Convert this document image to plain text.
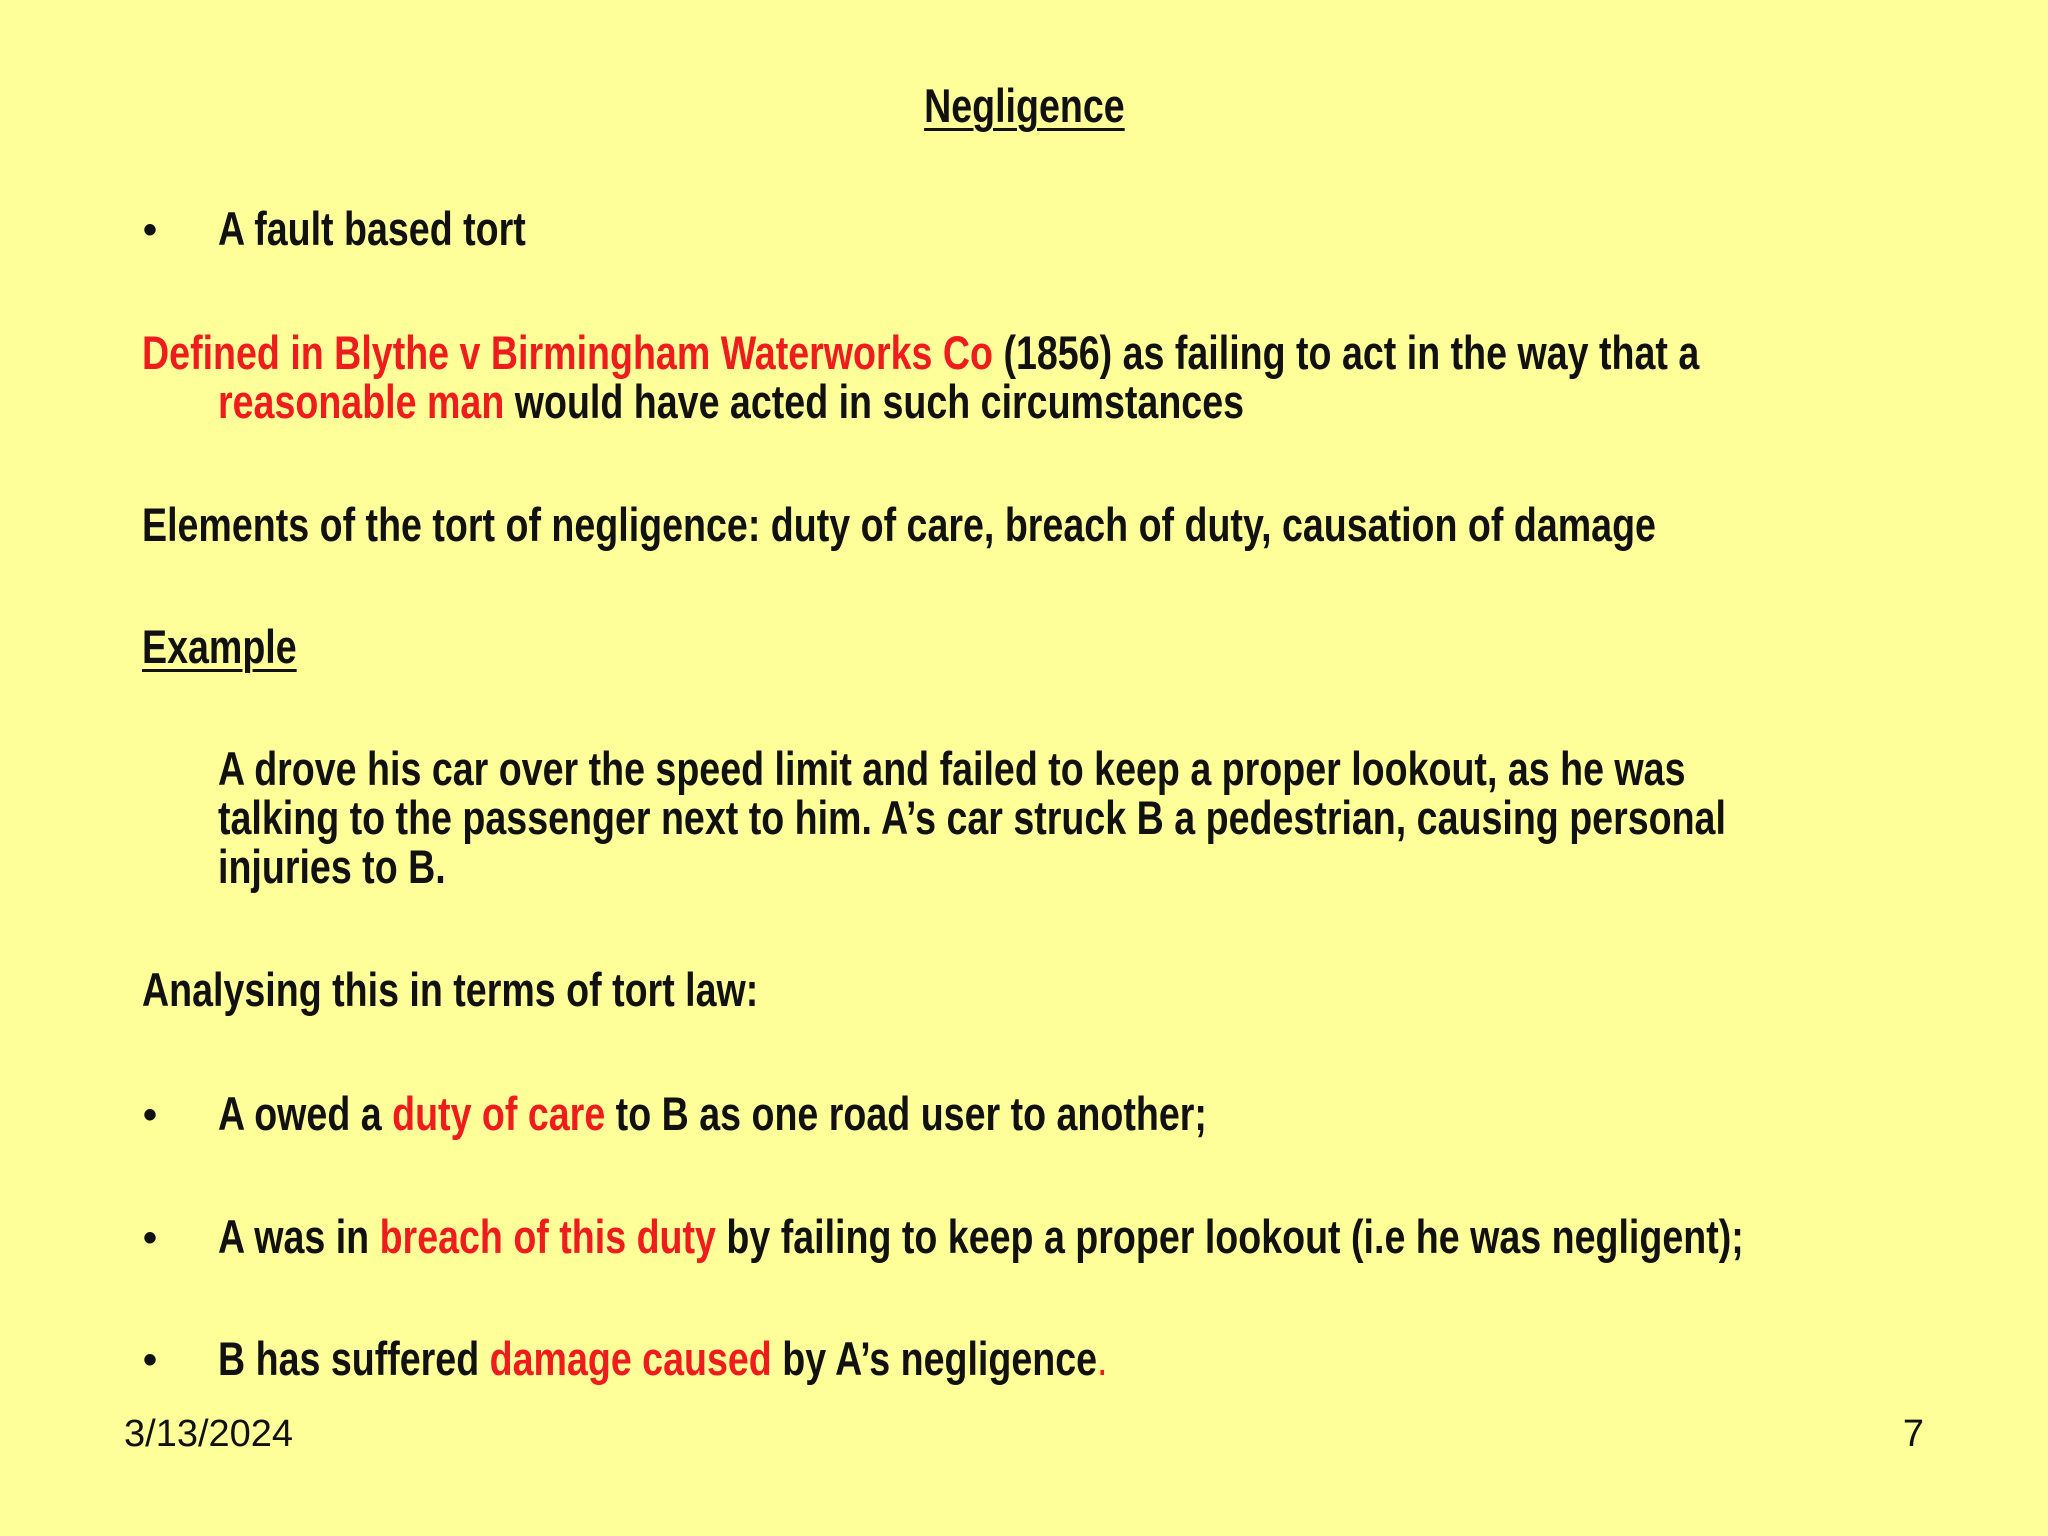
Negligence
• A fault based tort
Defined in Blythe v Birmingham Waterworks Co (1856) as failing to act in the way that a
reasonable man would have acted in such circumstances
Elements of the tort of negligence: duty of care, breach of duty, causation of damage
Example
A drove his car over the speed limit and failed to keep a proper lookout, as he was
talking to the passenger next to him. A’s car struck B a pedestrian, causing personal
injuries to B.
Analysing this in terms of tort law:
• A owed a duty of care to B as one road user to another;
• A was in breach of this duty by failing to keep a proper lookout (i.e he was negligent);
• B has suffered damage caused by A’s negligence.
3/13/2024	7
